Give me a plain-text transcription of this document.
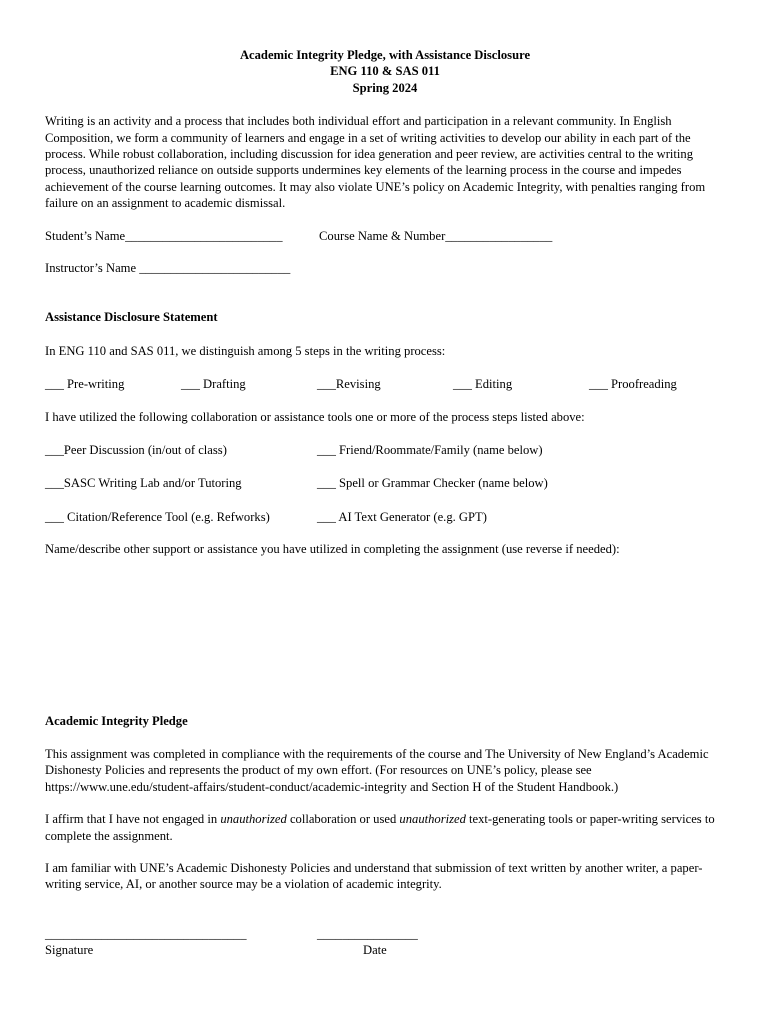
Academic Integrity Pledge, with Assistance Disclosure
ENG 110 & SAS 011
Spring 2024

Writing is an activity and a process that includes both individual effort and participation in a relevant community. In English Composition, we form a community of learners and engage in a set of writing activities to develop our ability in each part of the process. While robust collaboration, including discussion for idea generation and peer review, are activities central to the writing process, unauthorized reliance on outside supports undermines key elements of the learning process in the course and impedes achievement of the course learning outcomes. It may also violate UNE’s policy on Academic Integrity, with penalties ranging from failure on an assignment to academic dismissal.

Student’s Name_________________________	Course Name & Number_________________
Instructor’s Name ________________________
Assistance Disclosure Statement
In ENG 110 and SAS 011, we distinguish among 5 steps in the writing process:
___ Pre-writing	___ Drafting	___Revising	___ Editing	___ Proofreading
I have utilized the following collaboration or assistance tools one or more of the process steps listed above:
___Peer Discussion (in/out of class)	___ Friend/Roommate/Family (name below)
___SASC Writing Lab and/or Tutoring	___ Spell or Grammar Checker (name below)
___ Citation/Reference Tool (e.g. Refworks)	___ AI Text Generator (e.g. GPT)
Name/describe other support or assistance you have utilized in completing the assignment (use reverse if needed):
Academic Integrity Pledge

This assignment was completed in compliance with the requirements of the course and The University of New England’s Academic Dishonesty Policies and represents the product of my own effort. (For resources on UNE’s policy, please see https://www.une.edu/student-affairs/student-conduct/academic-integrity and Section H of the Student Handbook.)

I affirm that I have not engaged in unauthorized collaboration or used unauthorized text-generating tools or paper-writing services to complete the assignment.

I am familiar with UNE’s Academic Dishonesty Policies and understand that submission of text written by another writer, a paper-writing service, AI, or another source may be a violation of academic integrity.

________________________________	________________
Signature	Date
